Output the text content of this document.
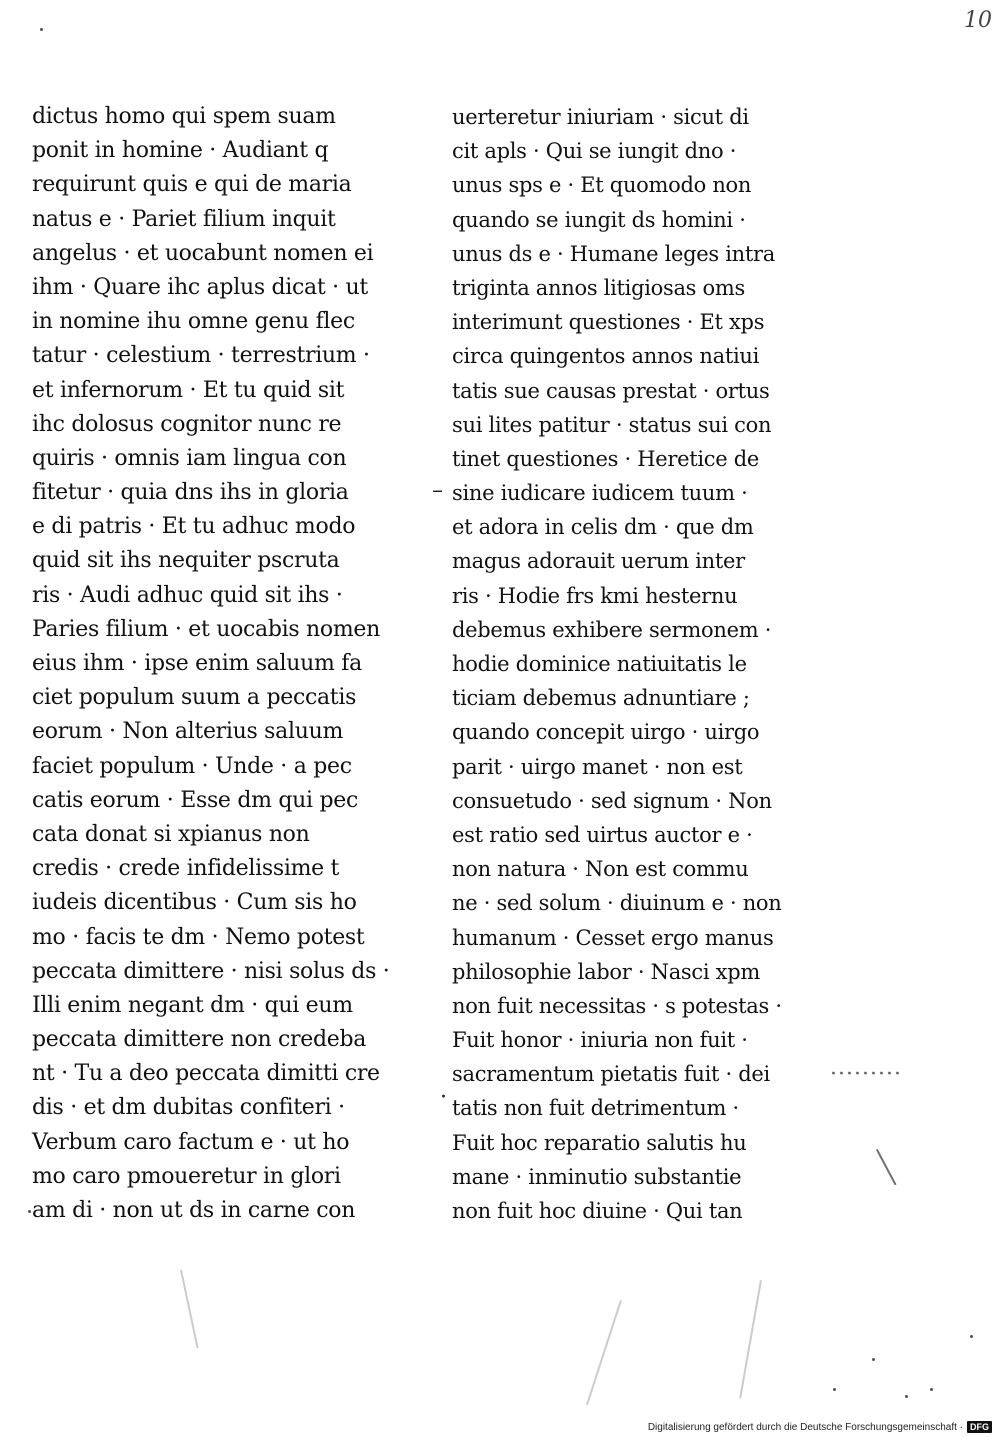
10
dictus homo qui spem suam
ponit in homine · Audiant q
requirunt quis e qui de maria
natus e · Pariet filium inquit
angelus · et uocabunt nomen ei
ihm · Quare ihc aplus dicat · ut
in nomine ihu omne genu flec
tatur · celestium · terrestrium ·
et infernorum · Et tu quid sit
ihc dolosus cognitor nunc re
quiris · omnis iam lingua con
fitetur · quia dns ihs in gloria
e di patris · Et tu adhuc modo
quid sit ihs nequiter pscruta
ris · Audi adhuc quid sit ihs ·
Paries filium · et uocabis nomen
eius ihm · ipse enim saluum fa
ciet populum suum a peccatis
eorum · Non alterius saluum
faciet populum · Unde · a pec
catis eorum · Esse dm qui pec
cata donat si xpianus non
credis · crede infidelissime t
iudeis dicentibus · Cum sis ho
mo · facis te dm · Nemo potest
peccata dimittere · nisi solus ds ·
Illi enim negant dm · qui eum
peccata dimittere non credeba
nt · Tu a deo peccata dimitti cre
dis · et dm dubitas confiteri ·
Verbum caro factum e · ut ho
mo caro pmoueretur in glori
am di · non ut ds in carne con
uerteretur iniuriam · sicut di
cit apls · Qui se iungit dno ·
unus sps e · Et quomodo non
quando se iungit ds homini ·
unus ds e · Humane leges intra
triginta annos litigiosas oms
interimunt questiones · Et xps
circa quingentos annos natiui
tatis sue causas prestat · ortus
sui lites patitur · status sui con
tinet questiones · Heretice de
sine iudicare iudicem tuum ·
et adora in celis dm · que dm
magus adorauit uerum inter
ris · Hodie frs kmi hesternu
debemus exhibere sermonem ·
hodie dominice natiuitatis le
ticiam debemus adnuntiare ;
quando concepit uirgo · uirgo
parit · uirgo manet · non est
consuetudo · sed signum · Non
est ratio sed uirtus auctor e ·
non natura · Non est commu
ne · sed solum · diuinum e · non
humanum · Cesset ergo manus
philosophie labor · Nasci xpm
non fuit necessitas · s potestas ·
Fuit honor · iniuria non fuit ·
sacramentum pietatis fuit · dei
tatis non fuit detrimentum ·
Fuit hoc reparatio salutis hu
mane · inminutio substantie
non fuit hoc diuine · Qui tan
–
·
·········
Digitalisierung gefördert durch die Deutsche Forschungsgemeinschaft · DFG
